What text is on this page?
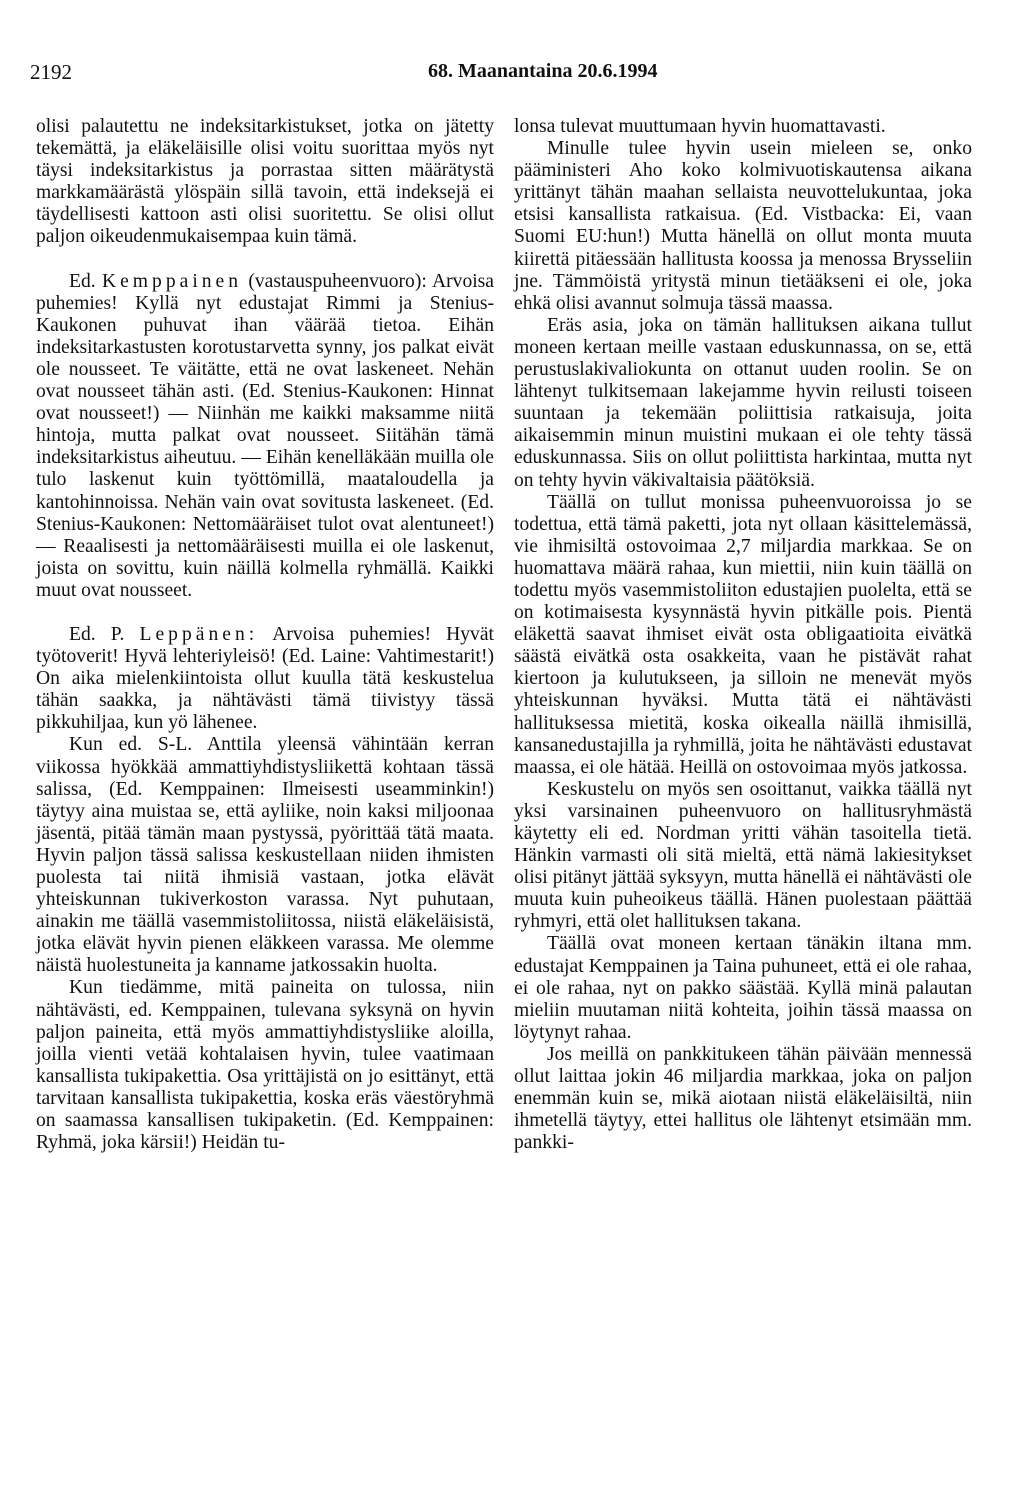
2192	68. Maanantaina 20.6.1994

olisi palautettu ne indeksitarkistukset, jotka on jätetty tekemättä, ja eläkeläisille olisi voitu suorittaa myös nyt täysi indeksitarkistus ja porrastaa sitten määrätystä markkamäärästä ylöspäin sillä tavoin, että indeksejä ei täydellisesti kattoon asti olisi suoritettu. Se olisi ollut paljon oikeudenmukaisempaa kuin tämä.

Ed. Kemppainen (vastauspuheenvuoro): Arvoisa puhemies! Kyllä nyt edustajat Rimmi ja Stenius-Kaukonen puhuvat ihan väärää tietoa. Eihän indeksitarkastusten korotustarvetta synny, jos palkat eivät ole nousseet. Te väitätte, että ne ovat laskeneet. Nehän ovat nousseet tähän asti. (Ed. Stenius-Kaukonen: Hinnat ovat nousseet!) — Niinhän me kaikki maksamme niitä hintoja, mutta palkat ovat nousseet. Siitähän tämä indeksitarkistus aiheutuu. — Eihän kenelläkään muilla ole tulo laskenut kuin työttömillä, maataloudella ja kantohinnoissa. Nehän vain ovat sovitusta laskeneet. (Ed. Stenius-Kaukonen: Nettomääräiset tulot ovat alentuneet!) — Reaalisesti ja nettomääräisesti muilla ei ole laskenut, joista on sovittu, kuin näillä kolmella ryhmällä. Kaikki muut ovat nousseet.

Ed. P. Leppänen: Arvoisa puhemies! Hyvät työtoverit! Hyvä lehteriyleisö! (Ed. Laine: Vahtimestarit!) On aika mielenkiintoista ollut kuulla tätä keskustelua tähän saakka, ja nähtävästi tämä tiivistyy tässä pikkuhiljaa, kun yö lähenee.

Kun ed. S-L. Anttila yleensä vähintään kerran viikossa hyökkää ammattiyhdistysliikettä kohtaan tässä salissa, (Ed. Kemppainen: Ilmeisesti useamminkin!) täytyy aina muistaa se, että ayliike, noin kaksi miljoonaa jäsentä, pitää tämän maan pystyssä, pyörittää tätä maata. Hyvin paljon tässä salissa keskustellaan niiden ihmisten puolesta tai niitä ihmisiä vastaan, jotka elävät yhteiskunnan tukiverkoston varassa. Nyt puhutaan, ainakin me täällä vasemmistoliitossa, niistä eläkeläisistä, jotka elävät hyvin pienen eläkkeen varassa. Me olemme näistä huolestuneita ja kanname jatkossakin huolta.

Kun tiedämme, mitä paineita on tulossa, niin nähtävästi, ed. Kemppainen, tulevana syksynä on hyvin paljon paineita, että myös ammattiyhdistysliike aloilla, joilla vienti vetää kohtalaisen hyvin, tulee vaatimaan kansallista tukipakettia. Osa yrittäjistä on jo esittänyt, että tarvitaan kansallista tukipakettia, koska eräs väestöryhmä on saamassa kansallisen tukipaketin. (Ed. Kemppainen: Ryhmä, joka kärsii!) Heidän tu-

lonsa tulevat muuttumaan hyvin huomattavasti.

Minulle tulee hyvin usein mieleen se, onko pääministeri Aho koko kolmivuotiskautensa aikana yrittänyt tähän maahan sellaista neuvottelukuntaa, joka etsisi kansallista ratkaisua. (Ed. Vistbacka: Ei, vaan Suomi EU:hun!) Mutta hänellä on ollut monta muuta kiirettä pitäessään hallitusta koossa ja menossa Brysseliin jne. Tämmöistä yritystä minun tietääkseni ei ole, joka ehkä olisi avannut solmuja tässä maassa.

Eräs asia, joka on tämän hallituksen aikana tullut moneen kertaan meille vastaan eduskunnassa, on se, että perustuslakivaliokunta on ottanut uuden roolin. Se on lähtenyt tulkitsemaan lakejamme hyvin reilusti toiseen suuntaan ja tekemään poliittisia ratkaisuja, joita aikaisemmin minun muistini mukaan ei ole tehty tässä eduskunnassa. Siis on ollut poliittista harkintaa, mutta nyt on tehty hyvin väkivaltaisia päätöksiä.

Täällä on tullut monissa puheenvuoroissa jo se todettua, että tämä paketti, jota nyt ollaan käsittelemässä, vie ihmisiltä ostovoimaa 2,7 miljardia markkaa. Se on huomattava määrä rahaa, kun miettii, niin kuin täällä on todettu myös vasemmistoliiton edustajien puolelta, että se on kotimaisesta kysynnästä hyvin pitkälle pois. Pientä eläkettä saavat ihmiset eivät osta obligaatioita eivätkä säästä eivätkä osta osakkeita, vaan he pistävät rahat kiertoon ja kulutukseen, ja silloin ne menevät myös yhteiskunnan hyväksi. Mutta tätä ei nähtävästi hallituksessa mietitä, koska oikealla näillä ihmisillä, kansanedustajilla ja ryhmillä, joita he nähtävästi edustavat maassa, ei ole hätää. Heillä on ostovoimaa myös jatkossa.

Keskustelu on myös sen osoittanut, vaikka täällä nyt yksi varsinainen puheenvuoro on hallitusryhmästä käytetty eli ed. Nordman yritti vähän tasoitella tietä. Hänkin varmasti oli sitä mieltä, että nämä lakiesitykset olisi pitänyt jättää syksyyn, mutta hänellä ei nähtävästi ole muuta kuin puheoikeus täällä. Hänen puolestaan päättää ryhmyri, että olet hallituksen takana.

Täällä ovat moneen kertaan tänäkin iltana mm. edustajat Kemppainen ja Taina puhuneet, että ei ole rahaa, ei ole rahaa, nyt on pakko säästää. Kyllä minä palautan mieliin muutaman niitä kohteita, joihin tässä maassa on löytynyt rahaa.

Jos meillä on pankkitukeen tähän päivään mennessä ollut laittaa jokin 46 miljardia markkaa, joka on paljon enemmän kuin se, mikä aiotaan niistä eläkeläisiltä, niin ihmetellä täytyy, ettei hallitus ole lähtenyt etsimään mm. pankki-
